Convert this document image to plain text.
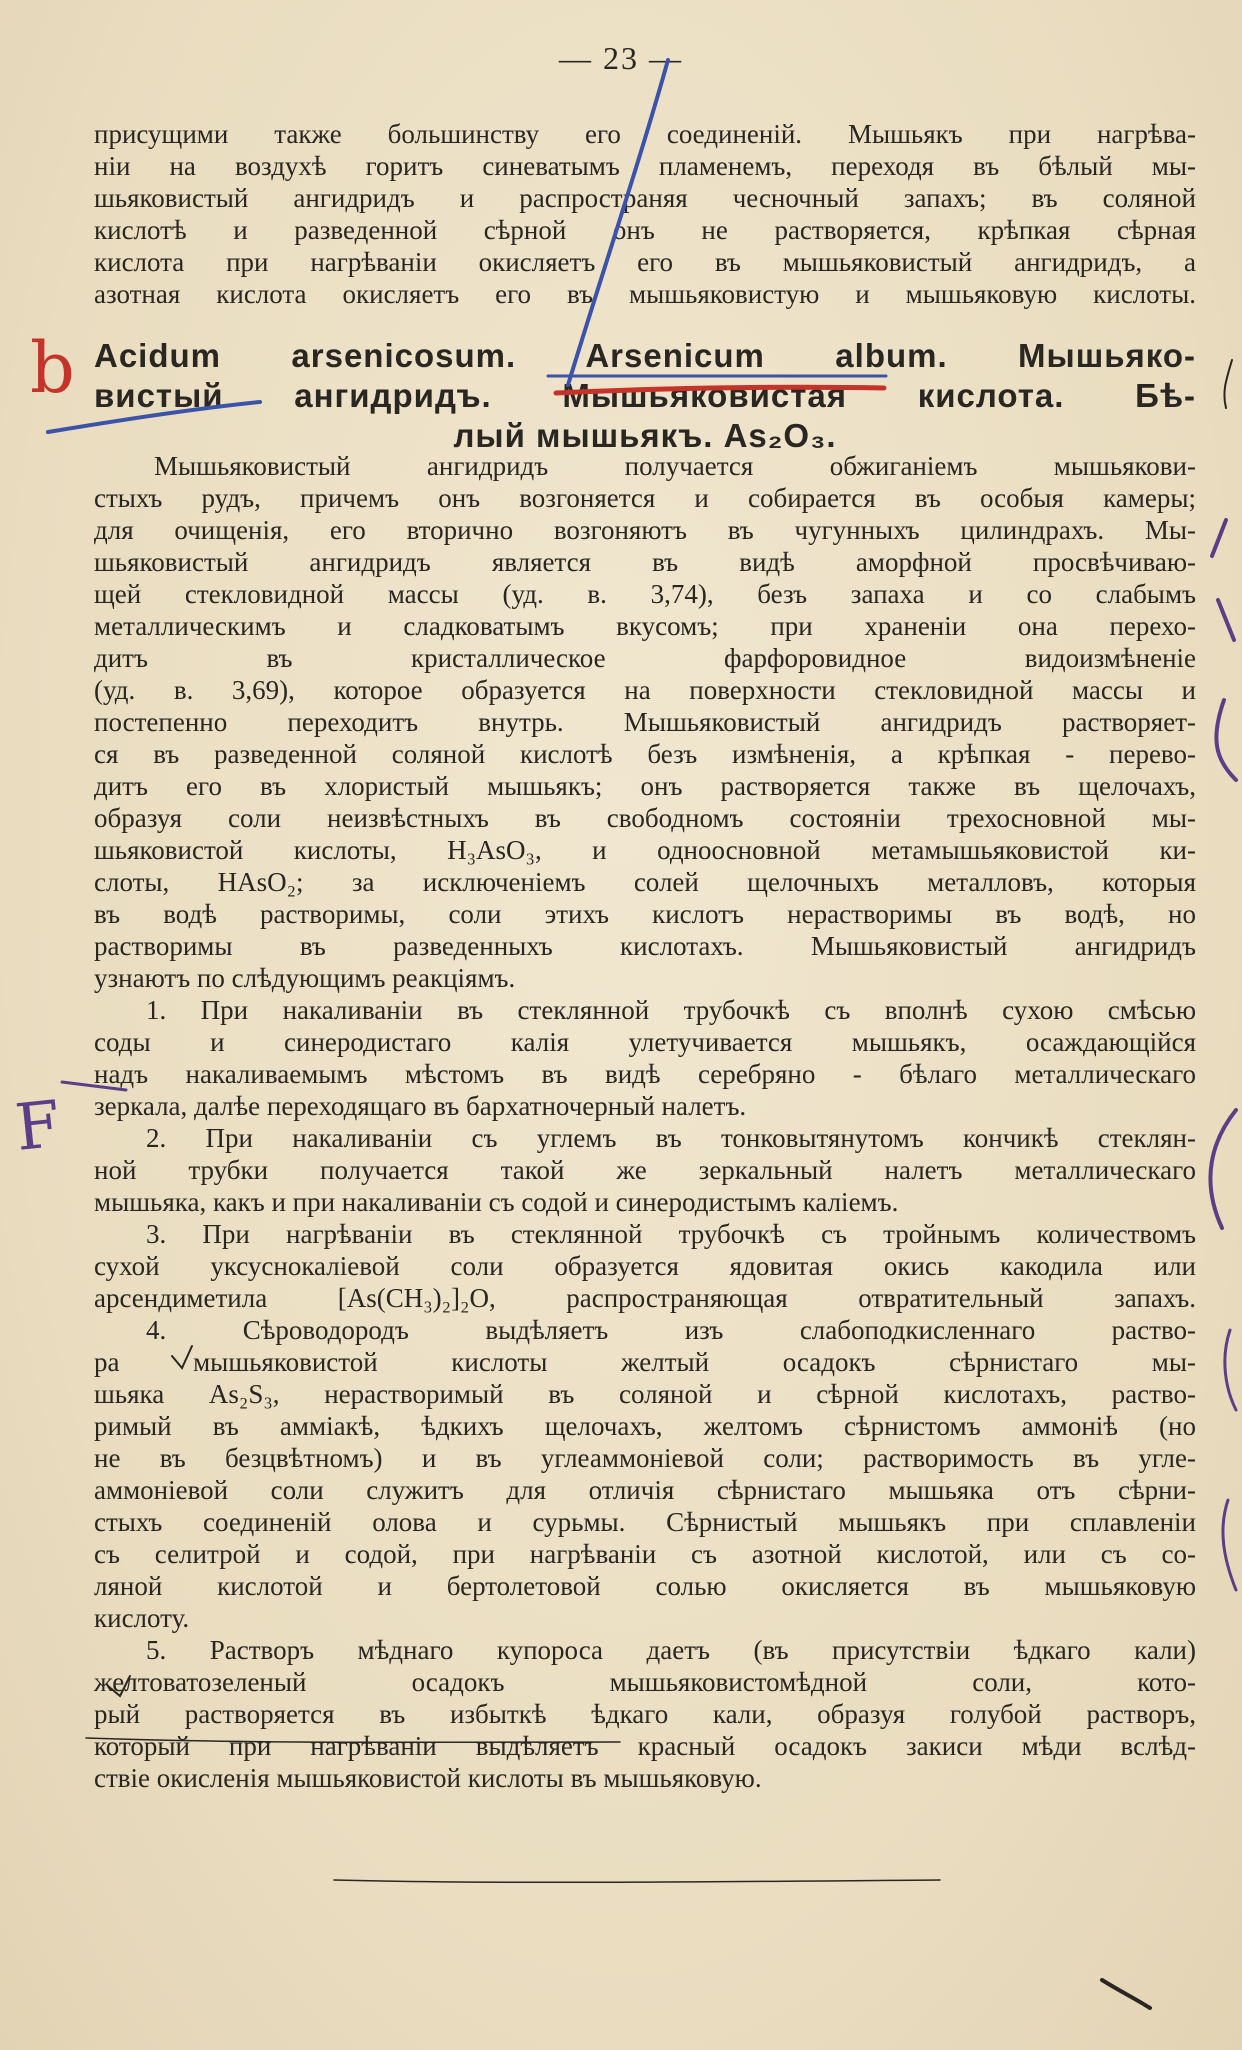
— 23 —
присущими также большинству его соединеній. Мышьякъ при нагрѣва-
ніи на воздухѣ горитъ синеватымъ пламенемъ, переходя въ бѣлый мы-
шьяковистый ангидридъ и распространяя чесночный запахъ; въ соляной
кислотѣ и разведенной сѣрной онъ не растворяется, крѣпкая сѣрная
кислота при нагрѣваніи окисляетъ его въ мышьяковистый ангидридъ, а
азотная кислота окисляетъ его въ мышьяковистую и мышьяковую кислоты.
Acidum arsenicosum. Arsenicum album. Мышьяко-
вистый ангидридъ. Мышьяковистая кислота. Бѣ-
лый мышьякъ. As₂O₃.
Мышьяковистый ангидридъ получается обжиганіемъ мышьякови-
стыхъ рудъ, причемъ онъ возгоняется и собирается въ особыя камеры;
для очищенія, его вторично возгоняютъ въ чугунныхъ цилиндрахъ. Мы-
шьяковистый ангидридъ является въ видѣ аморфной просвѣчиваю-
щей стекловидной массы (уд. в. 3,74), безъ запаха и со слабымъ
металлическимъ и сладковатымъ вкусомъ; при храненіи она перехо-
дитъ въ кристаллическое фарфоровидное видоизмѣненіе
(уд. в. 3,69), которое образуется на поверхности стекловидной массы и
постепенно переходитъ внутрь. Мышьяковистый ангидридъ растворяет-
ся въ разведенной соляной кислотѣ безъ измѣненія, а крѣпкая - перево-
дитъ его въ хлористый мышьякъ; онъ растворяется также въ щелочахъ,
образуя соли неизвѣстныхъ въ свободномъ состояніи трехосновной мы-
шьяковистой кислоты, H₃AsO₃, и одноосновной метамышьяковистой ки-
слоты, HAsO₂; за исключеніемъ солей щелочныхъ металловъ, которыя
въ водѣ растворимы, соли этихъ кислотъ нерастворимы въ водѣ, но
растворимы въ разведенныхъ кислотахъ. Мышьяковистый ангидридъ
узнаютъ по слѣдующимъ реакціямъ.
1. При накаливаніи въ стеклянной трубочкѣ съ вполнѣ сухою смѣсью
соды и синеродистаго калія улетучивается мышьякъ, осаждающійся
надъ накаливаемымъ мѣстомъ въ видѣ серебряно - бѣлаго металлическаго
зеркала, далѣе переходящаго въ бархатночерный налетъ.
2. При накаливаніи съ углемъ въ тонковытянутомъ кончикѣ стеклян-
ной трубки получается такой же зеркальный налетъ металлическаго
мышьяка, какъ и при накаливаніи съ содой и синеродистымъ каліемъ.
3. При нагрѣваніи въ стеклянной трубочкѣ съ тройнымъ количествомъ
сухой уксуснокаліевой соли образуется ядовитая окись какодила или
арсендиметила [As(CH₃)₂]₂O, распространяющая отвратительный запахъ.
4. Сѣроводородъ выдѣляетъ изъ слабоподкисленнаго раство-
ра мышьяковистой кислоты желтый осадокъ сѣрнистаго мы-
шьяка As₂S₃, нерастворимый въ соляной и сѣрной кислотахъ, раство-
римый въ амміакѣ, ѣдкихъ щелочахъ, желтомъ сѣрнистомъ аммоніѣ (но
не въ безцвѣтномъ) и въ углеаммоніевой соли; растворимость въ угле-
аммоніевой соли служитъ для отличія сѣрнистаго мышьяка отъ сѣрни-
стыхъ соединеній олова и сурьмы. Сѣрнистый мышьякъ при сплавленіи
съ селитрой и содой, при нагрѣваніи съ азотной кислотой, или съ со-
ляной кислотой и бертолетовой солью окисляется въ мышьяковую
кислоту.
5. Растворъ мѣднаго купороса даетъ (въ присутствіи ѣдкаго кали)
желтоватозеленый осадокъ мышьяковистомѣдной соли, кото-
рый растворяется въ избыткѣ ѣдкаго кали, образуя голубой растворъ,
который при нагрѣваніи выдѣляетъ красный осадокъ закиси мѣди вслѣд-
ствіе окисленія мышьяковистой кислоты въ мышьяковую.
b
F
